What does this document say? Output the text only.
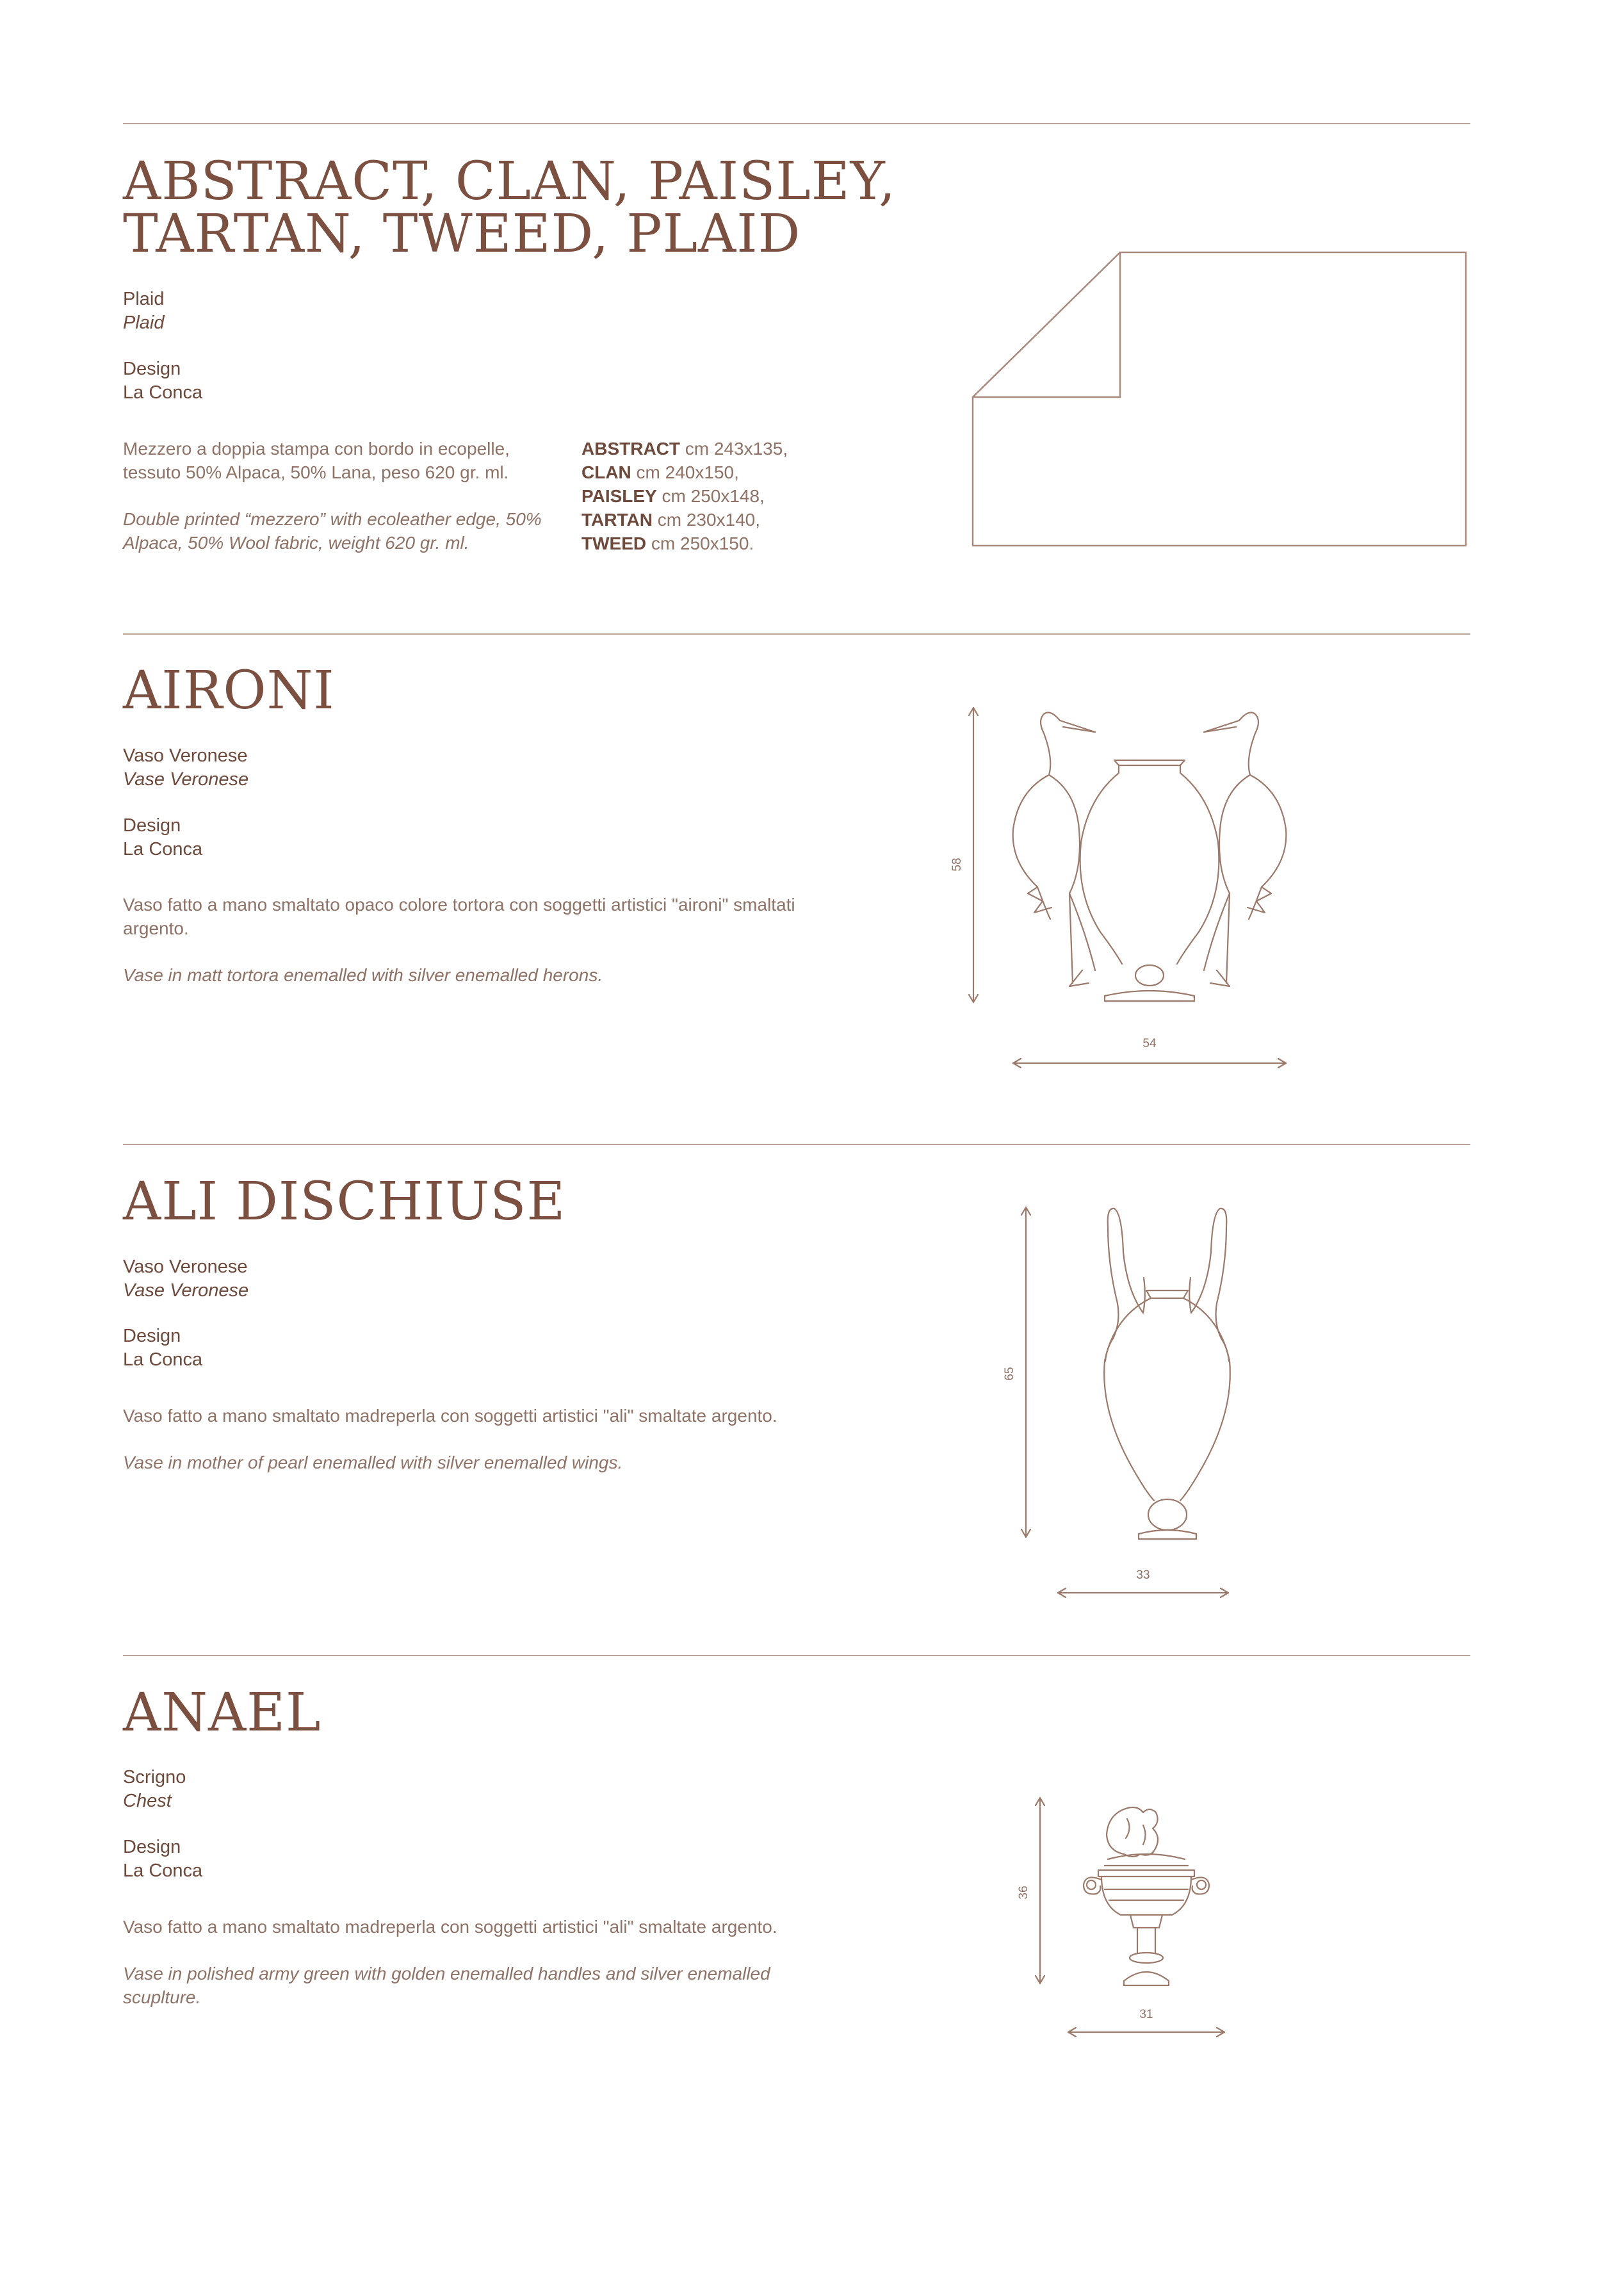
ABSTRACT, CLAN, PAISLEY,
TARTAN, TWEED, PLAID
Plaid
Plaid
Design
La Conca
Mezzero a doppia stampa con bordo in ecopelle, tessuto 50% Alpaca, 50% Lana, peso 620 gr. ml.
Double printed “mezzero” with ecoleather edge, 50% Alpaca, 50% Wool fabric, weight 620 gr. ml.
ABSTRACT cm 243x135,
CLAN cm 240x150,
PAISLEY cm 250x148,
TARTAN cm 230x140,
TWEED cm 250x150.
AIRONI
Vaso Veronese
Vase Veronese
Design
La Conca
Vaso fatto a mano smaltato opaco colore tortora con soggetti artistici "aironi" smaltati argento.
Vase in matt tortora enemalled with silver enemalled herons.
58
54
ALI DISCHIUSE
Vaso Veronese
Vase Veronese
Design
La Conca
Vaso fatto a mano smaltato madreperla con soggetti artistici "ali" smaltate argento.
Vase in mother of pearl enemalled with silver enemalled wings.
65
33
ANAEL
Scrigno
Chest
Design
La Conca
Vaso fatto a mano smaltato madreperla con soggetti artistici "ali" smaltate argento.
Vase in polished army green with golden enemalled handles and silver enemalled scuplture.
36
31
